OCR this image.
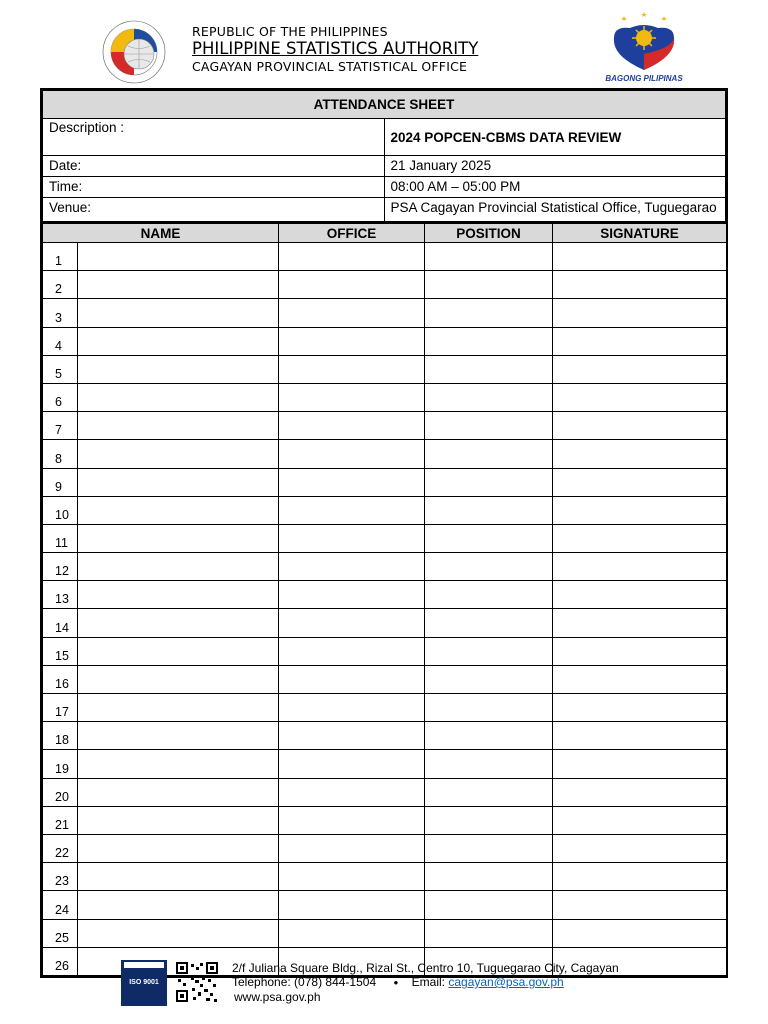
REPUBLIC OF THE PHILIPPINES
PHILIPPINE STATISTICS AUTHORITY
CAGAYAN PROVINCIAL STATISTICAL OFFICE
BAGONG PILIPINAS
ATTENDANCE SHEET	
Description :	2024 POPCEN-CBMS DATA REVIEW
Date:	21 January 2025
Time:	08:00 AM – 05:00 PM
Venue:	PSA Cagayan Provincial Statistical Office, Tuguegarao
NAME		OFFICE	POSITION	SIGNATURE
1				
2				
3				
4				
5				
6				
7				
8				
9				
10				
11				
12				
13				
14				
15				
16				
17				
18				
19				
20				
21				
22				
23				
24				
25				
26				
ISO 9001
2/f Juliana Square Bldg., Rizal St., Centro 10, Tuguegarao City, Cagayan
Telephone: (078) 844-1504 ● Email: cagayan@psa.gov.ph
www.psa.gov.ph
